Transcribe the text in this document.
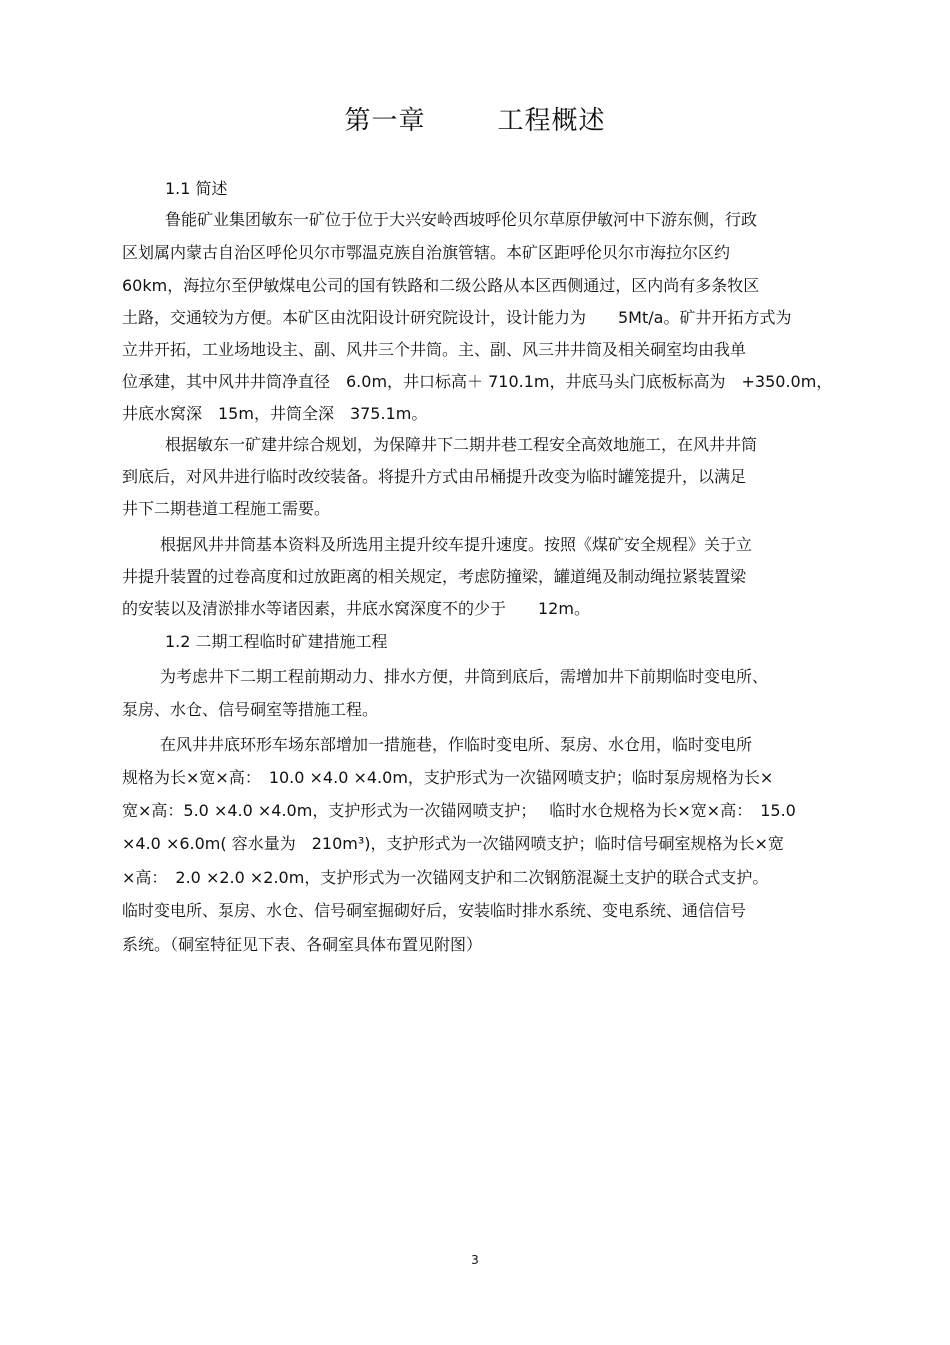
第一章	工程概述
1.1 简述
鲁能矿业集团敏东一矿位于位于大兴安岭西坡呼伦贝尔草原伊敏河中下游东侧，行政
区划属内蒙古自治区呼伦贝尔市鄂温克族自治旗管辖。本矿区距呼伦贝尔市海拉尔区约
60km，海拉尔至伊敏煤电公司的国有铁路和二级公路从本区西侧通过，区内尚有多条牧区
土路，交通较为方便。本矿区由沈阳设计研究院设计，设计能力为　　5Mt/a。矿井开拓方式为
立井开拓，工业场地设主、副、风井三个井筒。主、副、风三井井筒及相关硐室均由我单
位承建，其中风井井筒净直径　6.0m，井口标高＋ 710.1m，井底马头门底板标高为　+350.0m，
井底水窝深　15m，井筒全深　375.1m。
根据敏东一矿建井综合规划，为保障井下二期井巷工程安全高效地施工，在风井井筒
到底后，对风井进行临时改绞装备。将提升方式由吊桶提升改变为临时罐笼提升，以满足
井下二期巷道工程施工需要。
根据风井井筒基本资料及所选用主提升绞车提升速度。按照《煤矿安全规程》关于立
井提升装置的过卷高度和过放距离的相关规定，考虑防撞梁，罐道绳及制动绳拉紧装置梁
的安装以及清淤排水等诸因素，井底水窝深度不的少于　　12m。
1.2 二期工程临时矿建措施工程
为考虑井下二期工程前期动力、排水方便，井筒到底后，需增加井下前期临时变电所、
泵房、水仓、信号硐室等措施工程。
在风井井底环形车场东部增加一措施巷，作临时变电所、泵房、水仓用，临时变电所
规格为长×宽×高：　10.0 ×4.0 ×4.0m，支护形式为一次锚网喷支护；临时泵房规格为长×
宽×高：5.0 ×4.0 ×4.0m，支护形式为一次锚网喷支护；　 临时水仓规格为长×宽×高：　15.0
×4.0 ×6.0m( 容水量为　210m³)，支护形式为一次锚网喷支护；临时信号硐室规格为长×宽
×高：　2.0 ×2.0 ×2.0m，支护形式为一次锚网支护和二次钢筋混凝土支护的联合式支护。
临时变电所、泵房、水仓、信号硐室掘砌好后，安装临时排水系统、变电系统、通信信号
系统。（硐室特征见下表、各硐室具体布置见附图）
3
